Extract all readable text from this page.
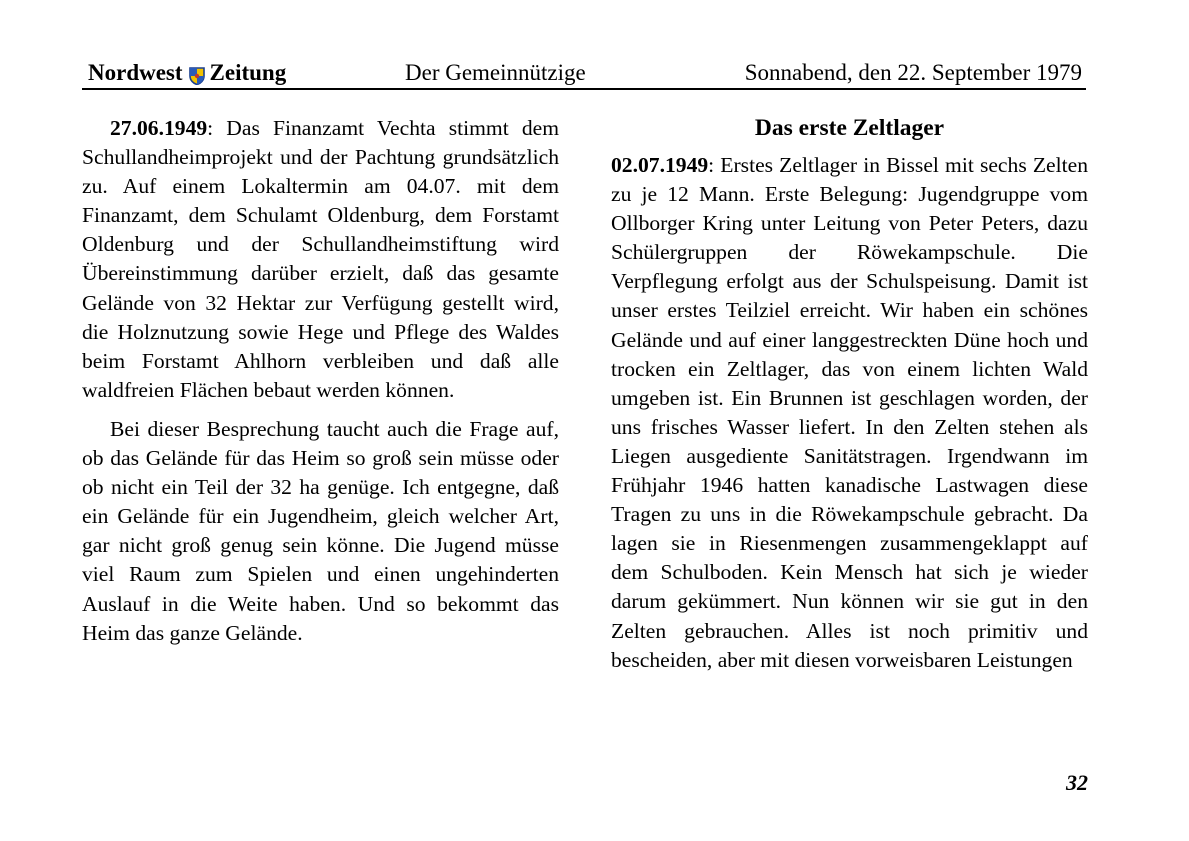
Nordwest Zeitung	Der Gemeinnützige	Sonnabend, den 22. September 1979

27.06.1949: Das Finanzamt Vechta stimmt dem Schullandheimprojekt und der Pachtung grundsätzlich zu. Auf einem Lokaltermin am 04.07. mit dem Finanzamt, dem Schulamt Oldenburg, dem Forstamt Oldenburg und der Schullandheimstiftung wird Übereinstimmung darüber erzielt, daß das gesamte Gelände von 32 Hektar zur Verfügung gestellt wird, die Holznutzung sowie Hege und Pflege des Waldes beim Forstamt Ahlhorn verbleiben und daß alle waldfreien Flächen bebaut werden können.

Bei dieser Besprechung taucht auch die Frage auf, ob das Gelände für das Heim so groß sein müsse oder ob nicht ein Teil der 32 ha genüge. Ich entgegne, daß ein Gelände für ein Jugendheim, gleich welcher Art, gar nicht groß genug sein könne. Die Jugend müsse viel Raum zum Spielen und einen ungehinderten Auslauf in die Weite haben. Und so bekommt das Heim das ganze Gelände.

Das erste Zeltlager

02.07.1949: Erstes Zeltlager in Bissel mit sechs Zelten zu je 12 Mann. Erste Belegung: Jugendgruppe vom Ollborger Kring unter Leitung von Peter Peters, dazu Schülergruppen der Röwekampschule. Die Verpflegung erfolgt aus der Schulspeisung. Damit ist unser erstes Teilziel erreicht. Wir haben ein schönes Gelände und auf einer langgestreckten Düne hoch und trocken ein Zeltlager, das von einem lichten Wald umgeben ist. Ein Brunnen ist geschlagen worden, der uns frisches Wasser liefert. In den Zelten stehen als Liegen ausgediente Sanitätstragen. Irgendwann im Frühjahr 1946 hatten kanadische Lastwagen diese Tragen zu uns in die Röwekampschule gebracht. Da lagen sie in Riesenmengen zusammengeklappt auf dem Schulboden. Kein Mensch hat sich je wieder darum gekümmert. Nun können wir sie gut in den Zelten gebrauchen. Alles ist noch primitiv und bescheiden, aber mit diesen vorweisbaren Leistungen

32
